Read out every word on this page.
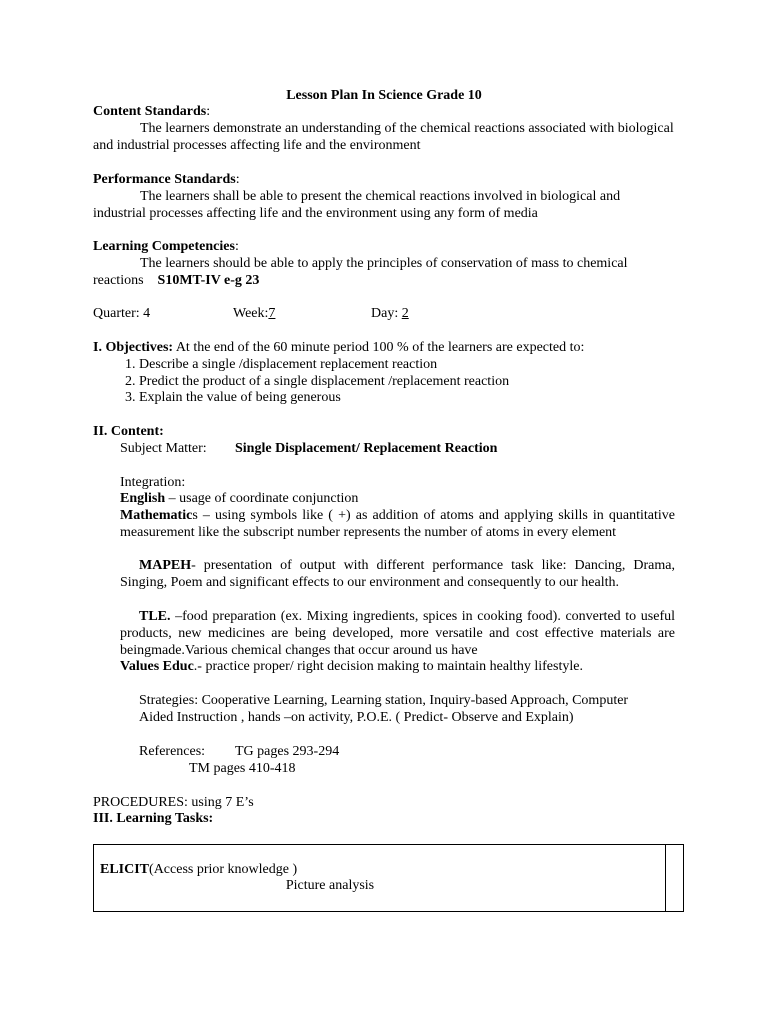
Lesson Plan In Science Grade 10
Content Standards:
The learners demonstrate an understanding of the chemical reactions associated with biological and industrial processes affecting life and the environment
Performance Standards:
The learners shall be able to present the chemical reactions involved in biological and industrial processes affecting life and the environment using any form of media
Learning Competencies:
The learners should be able to apply the principles of conservation of mass to chemical reactions S10MT-IV e-g 23
Quarter: 4	Week:7	Day: 2
I. Objectives: At the end of the 60 minute period 100 % of the learners are expected to:
1. Describe a single /displacement replacement reaction
2. Predict the product of a single displacement /replacement reaction
3. Explain the value of being generous
II. Content:
Subject Matter: Single Displacement/ Replacement Reaction
Integration:
English – usage of coordinate conjunction
Mathematics – using symbols like ( +) as addition of atoms and applying skills in quantitative measurement like the subscript number represents the number of atoms in every element
MAPEH- presentation of output with different performance task like: Dancing, Drama, Singing, Poem and significant effects to our environment and consequently to our health.
TLE. –food preparation (ex. Mixing ingredients, spices in cooking food). converted to useful products, new medicines are being developed, more versatile and cost effective materials are beingmade.Various chemical changes that occur around us have
Values Educ.- practice proper/ right decision making to maintain healthy lifestyle.
Strategies: Cooperative Learning, Learning station, Inquiry-based Approach, Computer Aided Instruction , hands –on activity, P.O.E. ( Predict- Observe and Explain)
References: TG pages 293-294
TM pages 410-418
PROCEDURES: using 7 E’s
III. Learning Tasks:
ELICIT(Access prior knowledge )
Picture analysis
